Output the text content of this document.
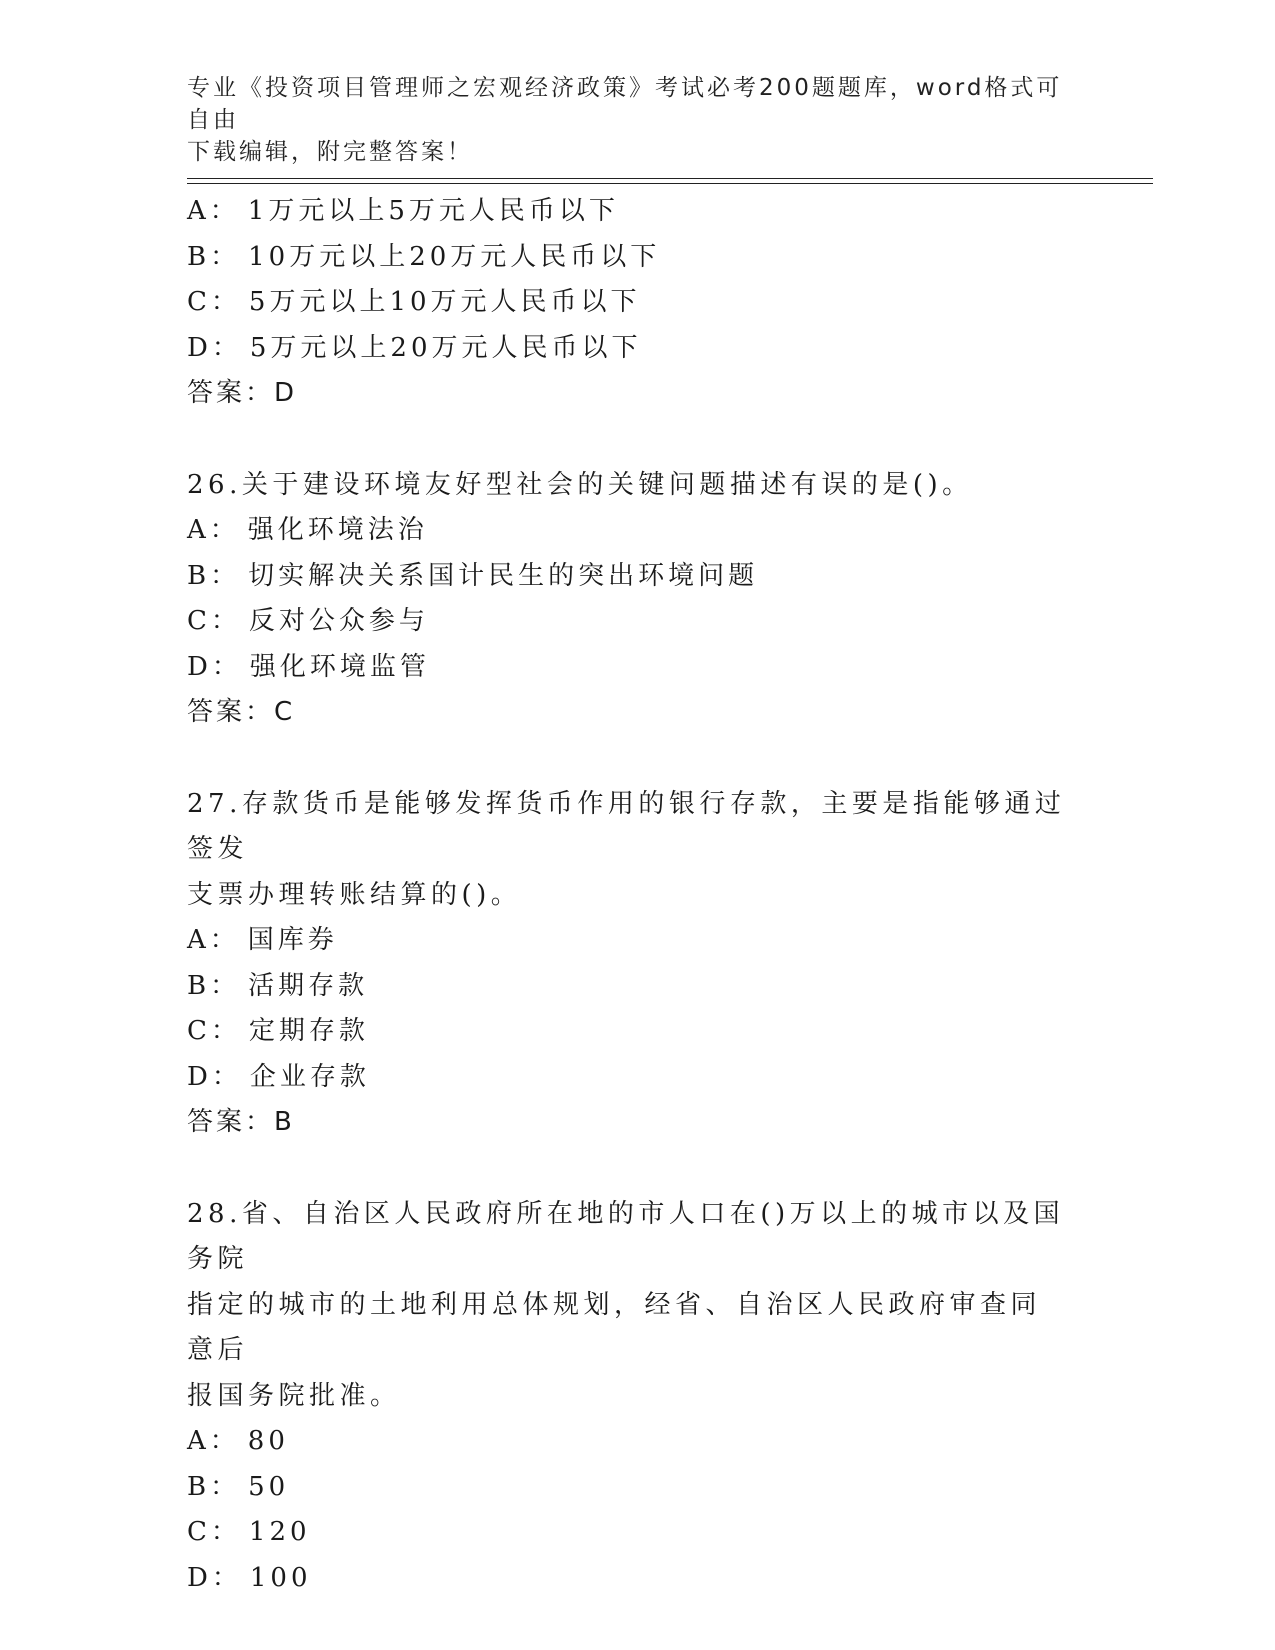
专业《投资项目管理师之宏观经济政策》考试必考200题题库，word格式可自由
下载编辑，附完整答案！
A： 1万元以上5万元人民币以下
B： 10万元以上20万元人民币以下
C： 5万元以上10万元人民币以下
D： 5万元以上20万元人民币以下
答案：D
26.关于建设环境友好型社会的关键问题描述有误的是()。
A： 强化环境法治
B： 切实解决关系国计民生的突出环境问题
C： 反对公众参与
D： 强化环境监管
答案：C
27.存款货币是能够发挥货币作用的银行存款，主要是指能够通过签发
支票办理转账结算的()。
A： 国库券
B： 活期存款
C： 定期存款
D： 企业存款
答案：B
28.省、自治区人民政府所在地的市人口在()万以上的城市以及国务院
指定的城市的土地利用总体规划，经省、自治区人民政府审查同意后
报国务院批准。
A： 80
B： 50
C： 120
D： 100
